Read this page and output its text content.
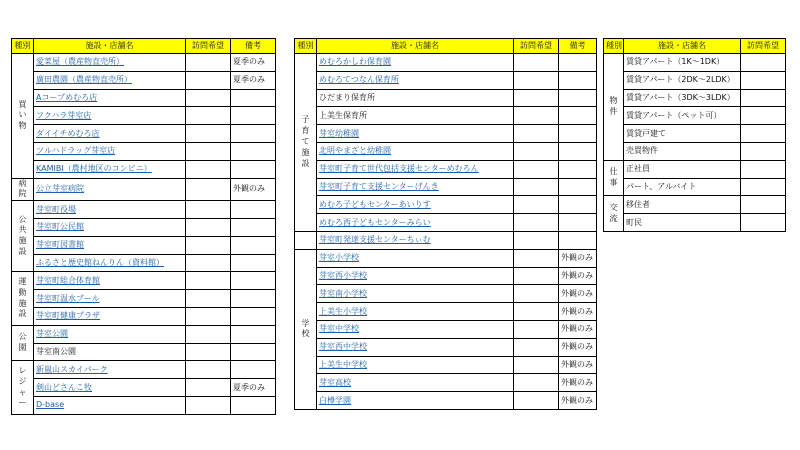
種別	施設・店舗名	訪問希望	備考
買い物	愛菜屋（農産物直売所）		夏季のみ
	廣田農園（農産物直売所）		夏季のみ
	Aコープめむろ店		
	フクハラ芽室店		
	ダイイチめむろ店		
	ツルハドラッグ芽室店		
	KAMIBI（農村地区のコンビニ）		
病院	公立芽室病院		外観のみ
公共施設	芽室町役場		
	芽室町公民館		
	芽室町図書館		
	ふるさと歴史館ねんりん（資料館）		
運動施設	芽室町総合体育館		
	芽室町温水プール		
	芽室町健康プラザ		
公園	芽室公園		
	芽室南公園		
レジャー	新嵐山スカイパーク		
	剣山どさんこ牧		夏季のみ
	D-base		
種別	施設・店舗名	訪問希望	備考
子育て施設	めむろかしわ保育園		
	めむろてつなん保育所		
	ひだまり保育所		
	上美生保育所		
	芽室幼稚園		
	北明やまざと幼稚園		
	芽室町子育て世代包括支援センターめむろん		
	芽室町子育て支援センターげんき		
	めむろ子どもセンターあいりす		
	めむろ西子どもセンターみらい		
	芽室町発達支援センターちぃむ		
学校	芽室小学校		外観のみ
	芽室西小学校		外観のみ
	芽室南小学校		外観のみ
	上美生小学校		外観のみ
	芽室中学校		外観のみ
	芽室西中学校		外観のみ
	上美生中学校		外観のみ
	芽室高校		外観のみ
	白樺学園		外観のみ
種別	施設・店舗名	訪問希望
物件	賃貸アパート（1K～1DK）	
	賃貸アパート（2DK～2LDK）	
	賃貸アパート（3DK～3LDK）	
	賃貸アパート（ペット可）	
	賃貸戸建て	
	売買物件	
仕事	正社員	
	パート、アルバイト	
交流	移住者	
	町民	
